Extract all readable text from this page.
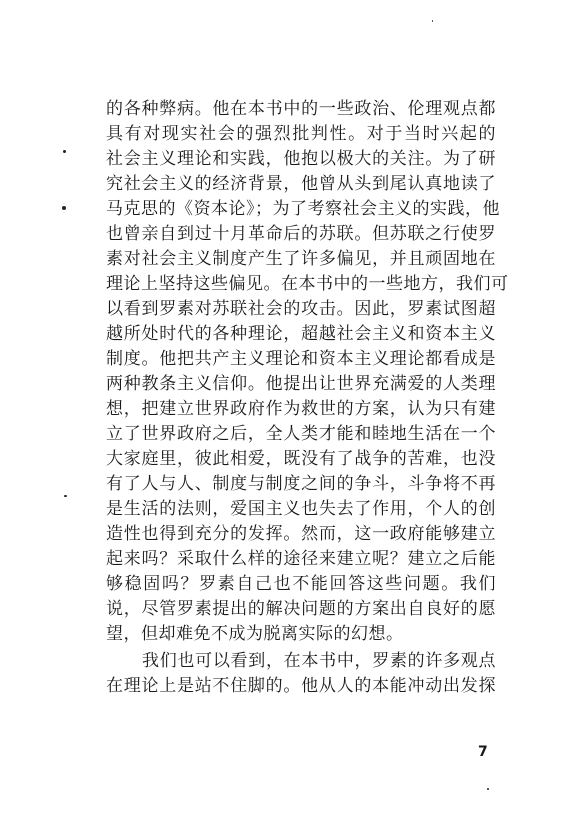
的各种弊病。他在本书中的一些政治、伦理观点都
具有对现实社会的强烈批判性。对于当时兴起的
社会主义理论和实践，他抱以极大的关注。为了研
究社会主义的经济背景，他曾从头到尾认真地读了
马克思的《资本论》；为了考察社会主义的实践，他
也曾亲自到过十月革命后的苏联。但苏联之行使罗
素对社会主义制度产生了许多偏见，并且顽固地在
理论上坚持这些偏见。在本书中的一些地方，我们可
以看到罗素对苏联社会的攻击。因此，罗素试图超
越所处时代的各种理论，超越社会主义和资本主义
制度。他把共产主义理论和资本主义理论都看成是
两种教条主义信仰。他提出让世界充满爱的人类理
想，把建立世界政府作为救世的方案，认为只有建
立了世界政府之后，全人类才能和睦地生活在一个
大家庭里，彼此相爱，既没有了战争的苦难，也没
有了人与人、制度与制度之间的争斗，斗争将不再
是生活的法则，爱国主义也失去了作用，个人的创
造性也得到充分的发挥。然而，这一政府能够建立
起来吗？采取什么样的途径来建立呢？建立之后能
够稳固吗？罗素自己也不能回答这些问题。我们
说，尽管罗素提出的解决问题的方案出自良好的愿
望，但却难免不成为脱离实际的幻想。
我们也可以看到，在本书中，罗素的许多观点
在理论上是站不住脚的。他从人的本能冲动出发探
7
